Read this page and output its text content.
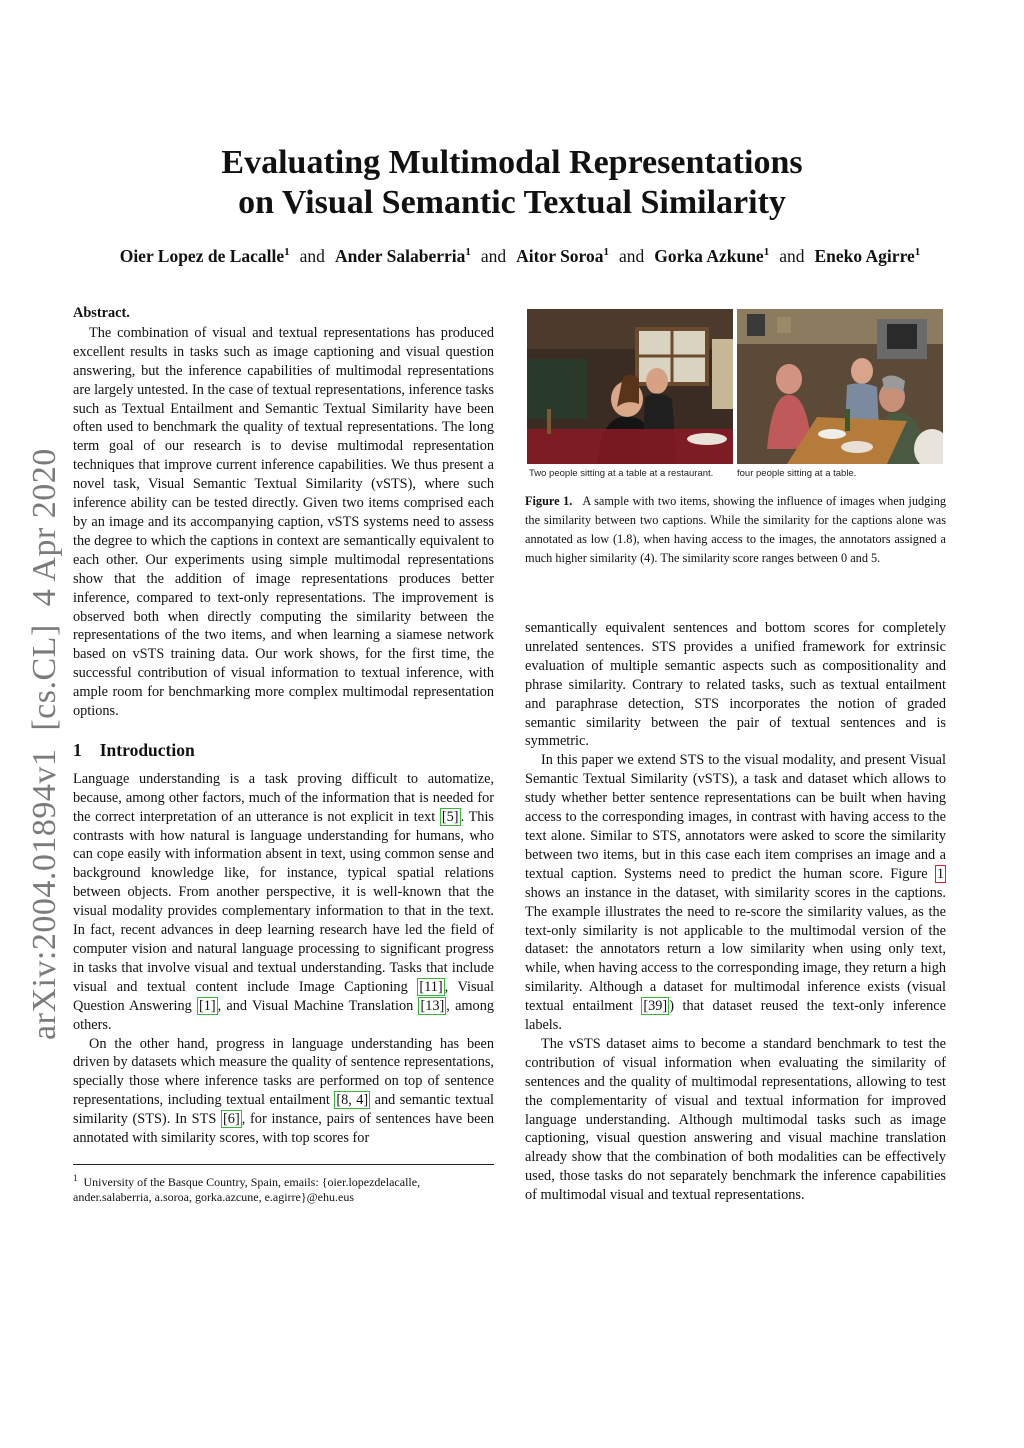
Evaluating Multimodal Representations
on Visual Semantic Textual Similarity
Oier Lopez de Lacalle$^1$ and Ander Salaberria$^1$ and Aitor Soroa$^1$ and Gorka Azkune$^1$ and Eneko Agirre$^1$
arXiv:2004.01894v1  [cs.CL]  4 Apr 2020
Abstract.

The combination of visual and textual representations has produced excellent results in tasks such as image captioning and visual question answering, but the inference capabilities of multimodal representations are largely untested. In the case of textual representations, inference tasks such as Textual Entailment and Semantic Textual Similarity have been often used to benchmark the quality of textual representations. The long term goal of our research is to devise multimodal representation techniques that improve current inference capabilities. We thus present a novel task, Visual Semantic Textual Similarity (vSTS), where such inference ability can be tested directly. Given two items comprised each by an image and its accompanying caption, vSTS systems need to assess the degree to which the captions in context are semantically equivalent to each other. Our experiments using simple multimodal representations show that the addition of image representations produces better inference, compared to text-only representations. The improvement is observed both when directly computing the similarity between the representations of the two items, and when learning a siamese network based on vSTS training data. Our work shows, for the first time, the successful contribution of visual information to textual inference, with ample room for benchmarking more complex multimodal representation options.

1 Introduction

Language understanding is a task proving difficult to automatize, because, among other factors, much of the information that is needed for the correct interpretation of an utterance is not explicit in text [5] . This contrasts with how natural is language understanding for humans, who can cope easily with information absent in text, using common sense and background knowledge like, for instance, typical spatial relations between objects. From another perspective, it is well-known that the visual modality provides complementary information to that in the text. In fact, recent advances in deep learning research have led the field of computer vision and natural language processing to significant progress in tasks that involve visual and textual understanding. Tasks that include visual and textual content include Image Captioning [11] , Visual Question Answering [1] , and Visual Machine Translation [13] , among others.

On the other hand, progress in language understanding has been driven by datasets which measure the quality of sentence representations, specially those where inference tasks are performed on top of sentence representations, including textual entailment [8, 4] and semantic textual similarity (STS). In STS [6] , for instance, pairs of sentences have been annotated with similarity scores, with top scores for

$^1$ University of the Basque Country, Spain, emails: {oier.lopezdelacalle, ander.salaberria, a.soroa, gorka.azcune, e.agirre}@ehu.eus
Two people sitting at a table at a restaurant. four people sitting at a table.
Figure 1. A sample with two items, showing the influence of images when judging the similarity between two captions. While the similarity for the captions alone was annotated as low (1.8), when having access to the images, the annotators assigned a much higher similarity (4). The similarity score ranges between 0 and 5.

semantically equivalent sentences and bottom scores for completely unrelated sentences. STS provides a unified framework for extrinsic evaluation of multiple semantic aspects such as compositionality and phrase similarity. Contrary to related tasks, such as textual entailment and paraphrase detection, STS incorporates the notion of graded semantic similarity between the pair of textual sentences and is symmetric.

In this paper we extend STS to the visual modality, and present Visual Semantic Textual Similarity (vSTS), a task and dataset which allows to study whether better sentence representations can be built when having access to the corresponding images, in contrast with having access to the text alone. Similar to STS, annotators were asked to score the similarity between two items, but in this case each item comprises an image and a textual caption. Systems need to predict the human score. Figure 1 shows an instance in the dataset, with similarity scores in the captions. The example illustrates the need to re-score the similarity values, as the text-only similarity is not applicable to the multimodal version of the dataset: the annotators return a low similarity when using only text, while, when having access to the corresponding image, they return a high similarity. Although a dataset for multimodal inference exists (visual textual entailment [39] ) that dataset reused the text-only inference labels.

The vSTS dataset aims to become a standard benchmark to test the contribution of visual information when evaluating the similarity of sentences and the quality of multimodal representations, allowing to test the complementarity of visual and textual information for improved language understanding. Although multimodal tasks such as image captioning, visual question answering and visual machine translation already show that the combination of both modalities can be effectively used, those tasks do not separately benchmark the inference capabilities of multimodal visual and textual representations.
